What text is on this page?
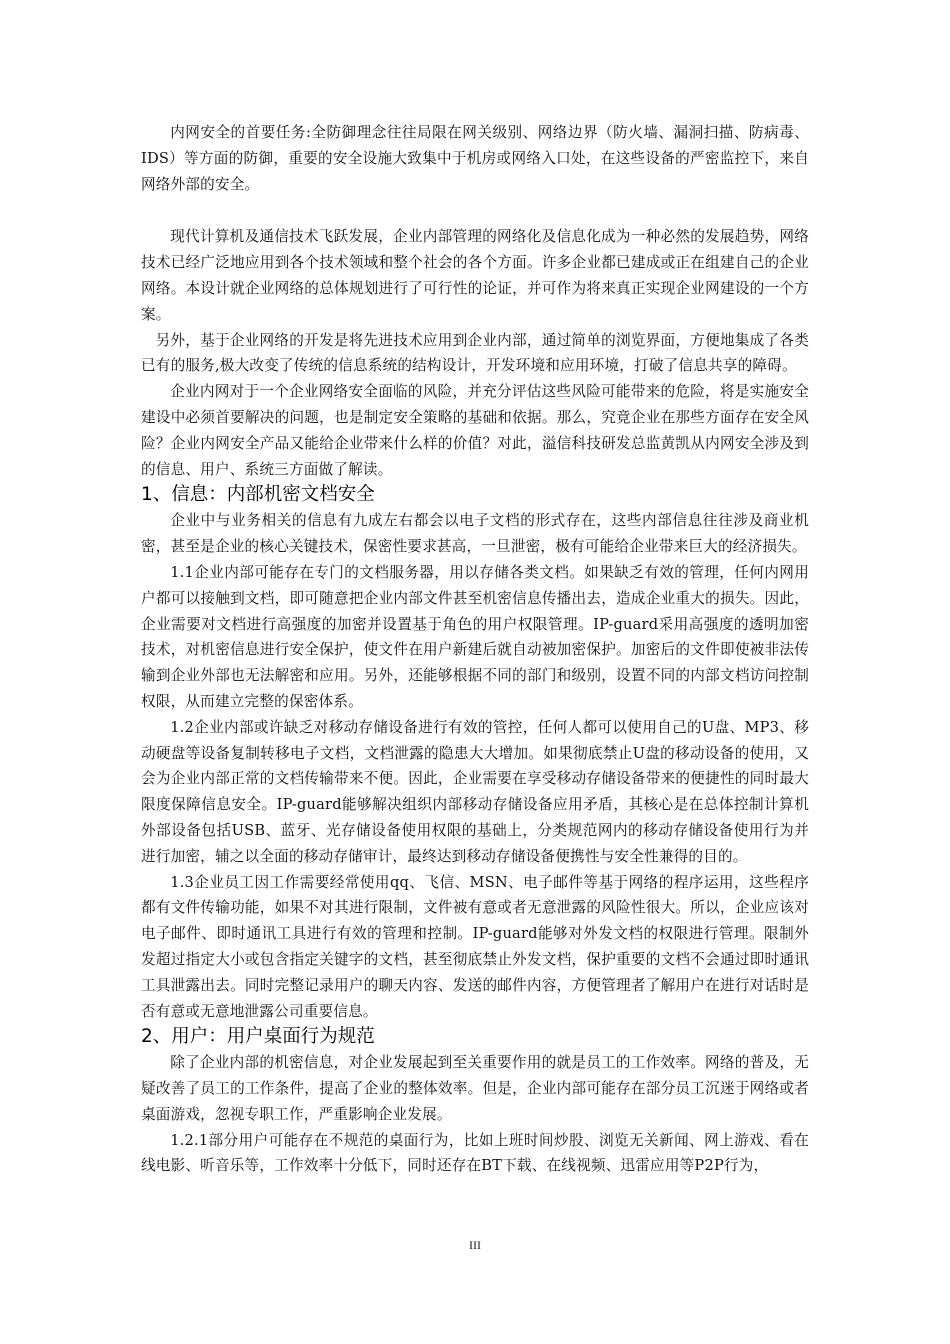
内网安全的首要任务:全防御理念往往局限在网关级别、网络边界（防火墙、漏洞扫描、防病毒、IDS）等方面的防御，重要的安全设施大致集中于机房或网络入口处，在这些设备的严密监控下，来自网络外部的安全。

现代计算机及通信技术飞跃发展，企业内部管理的网络化及信息化成为一种必然的发展趋势，网络技术已经广泛地应用到各个技术领域和整个社会的各个方面。许多企业都已建成或正在组建自己的企业网络。本设计就企业网络的总体规划进行了可行性的论证，并可作为将来真正实现企业网建设的一个方案。

另外，基于企业网络的开发是将先进技术应用到企业内部，通过简单的浏览界面，方便地集成了各类已有的服务,极大改变了传统的信息系统的结构设计，开发环境和应用环境，打破了信息共享的障碍。

企业内网对于一个企业网络安全面临的风险，并充分评估这些风险可能带来的危险，将是实施安全建设中必须首要解决的问题，也是制定安全策略的基础和依据。那么，究竟企业在那些方面存在安全风险？企业内网安全产品又能给企业带来什么样的价值？对此，溢信科技研发总监黄凯从内网安全涉及到的信息、用户、系统三方面做了解读。

1、信息：内部机密文档安全

企业中与业务相关的信息有九成左右都会以电子文档的形式存在，这些内部信息往往涉及商业机密，甚至是企业的核心关键技术，保密性要求甚高，一旦泄密，极有可能给企业带来巨大的经济损失。

1.1企业内部可能存在专门的文档服务器，用以存储各类文档。如果缺乏有效的管理，任何内网用户都可以接触到文档，即可随意把企业内部文件甚至机密信息传播出去，造成企业重大的损失。因此，企业需要对文档进行高强度的加密并设置基于角色的用户权限管理。IP-guard采用高强度的透明加密技术，对机密信息进行安全保护，使文件在用户新建后就自动被加密保护。加密后的文件即使被非法传输到企业外部也无法解密和应用。另外，还能够根据不同的部门和级别，设置不同的内部文档访问控制权限，从而建立完整的保密体系。

1.2企业内部或许缺乏对移动存储设备进行有效的管控，任何人都可以使用自己的U盘、MP3、移动硬盘等设备复制转移电子文档，文档泄露的隐患大大增加。如果彻底禁止U盘的移动设备的使用，又会为企业内部正常的文档传输带来不便。因此，企业需要在享受移动存储设备带来的便捷性的同时最大限度保障信息安全。IP-guard能够解决组织内部移动存储设备应用矛盾，其核心是在总体控制计算机外部设备包括USB、蓝牙、光存储设备使用权限的基础上，分类规范网内的移动存储设备使用行为并进行加密，辅之以全面的移动存储审计，最终达到移动存储设备便携性与安全性兼得的目的。

1.3企业员工因工作需要经常使用qq、飞信、MSN、电子邮件等基于网络的程序运用，这些程序都有文件传输功能，如果不对其进行限制，文件被有意或者无意泄露的风险性很大。所以，企业应该对电子邮件、即时通讯工具进行有效的管理和控制。IP-guard能够对外发文档的权限进行管理。限制外发超过指定大小或包含指定关键字的文档，甚至彻底禁止外发文档，保护重要的文档不会通过即时通讯工具泄露出去。同时完整记录用户的聊天内容、发送的邮件内容，方便管理者了解用户在进行对话时是否有意或无意地泄露公司重要信息。

2、用户：用户桌面行为规范

除了企业内部的机密信息，对企业发展起到至关重要作用的就是员工的工作效率。网络的普及，无疑改善了员工的工作条件，提高了企业的整体效率。但是，企业内部可能存在部分员工沉迷于网络或者桌面游戏，忽视专职工作，严重影响企业发展。

1.2.1部分用户可能存在不规范的桌面行为，比如上班时间炒股、浏览无关新闻、网上游戏、看在线电影、听音乐等，工作效率十分低下，同时还存在BT下载、在线视频、迅雷应用等P2P行为，

III
